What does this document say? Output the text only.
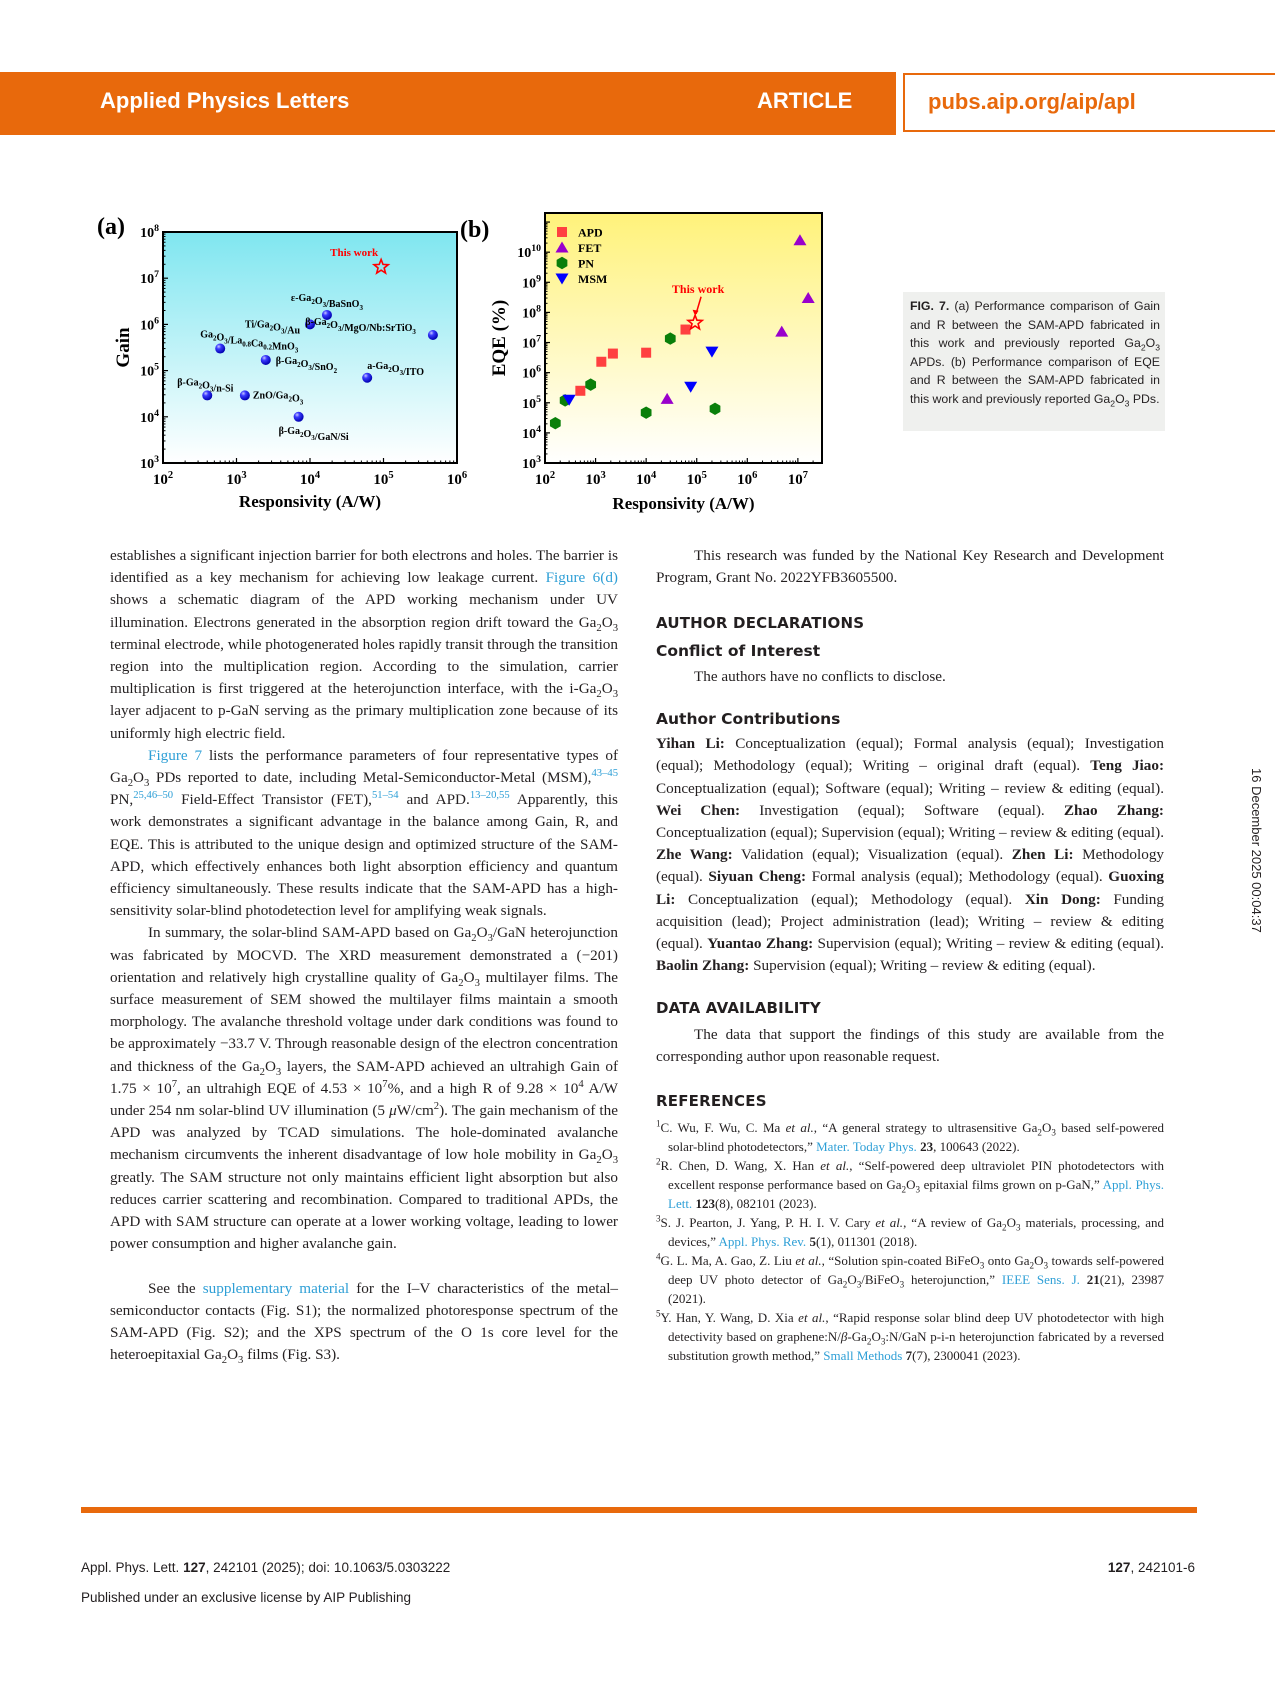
Applied Physics Letters	ARTICLE	pubs.aip.org/aip/apl
$10^2$	$10^3$	$10^4$	$10^5$	$10^6$
$10^3$
$10^4$
$10^5$
$10^6$
$10^7$
$10^8$
Responsivity (A/W)
Gain
(a)
This work
$\varepsilon-Ga_2O_3/BaSnO_3$
$Ti/Ga_2O_3/Au$
$\beta-Ga_2O_3/MgO/Nb:SrTiO_3$
$Ga_2O_3/La_{0.8}Ca_{0.2}MnO_3$
$\beta-Ga_2O_3/SnO_2$	$a-Ga_2O_3$/ITO
$\beta-Ga_2O_3/n-Si$
ZnO/$Ga_2O_3$
$\beta-Ga_2O_3/GaN/Si$
$10^2$ $10^3$ $10^4$ $10^5$ $10^6$ $10^7$
$10^3$
$10^4$
$10^5$
$10^6$
$10^7$
$10^8$
$10^9$
$10^{10}$
Responsivity (A/W)
EQE (%)
(b)	APD
FET
PN
MSM
This work
FIG. 7. (a) Performance comparison of Gain and R between the SAM-APD fabricated in this work and previously reported $Ga_2O_3$ APDs. (b) Performance comparison of EQE and R between the SAM-APD fabricated in this work and previously reported $Ga_2O_3$ PDs.

establishes a significant injection barrier for both electrons and holes. The barrier is identified as a key mechanism for achieving low leakage current. Figure 6(d) shows a schematic diagram of the APD working mechanism under UV illumination. Electrons generated in the absorption region drift toward the $Ga_2O_3$ terminal electrode, while photogenerated holes rapidly transit through the transition region into the multiplication region. According to the simulation, carrier multiplication is first triggered at the heterojunction interface, with the $i-Ga_2O_3$ layer adjacent to p-GaN serving as the primary multiplication zone because of its uniformly high electric field.

Figure 7 lists the performance parameters of four representative types of $Ga_2O_3$ PDs reported to date, including Metal-Semiconductor-Metal (MSM),$^{43-45}$ PN,$^{25,46-50}$ Field-Effect Transistor (FET),$^{51-54}$ and APD.$^{13-20,55}$ Apparently, this work demonstrates a significant advantage in the balance among Gain, R, and EQE. This is attributed to the unique design and optimized structure of the SAM-APD, which effectively enhances both light absorption efficiency and quantum efficiency simultaneously. These results indicate that the SAM-APD has a high-sensitivity solar-blind photodetection level for amplifying weak signals.

In summary, the solar-blind SAM-APD based on $Ga_2O_3$/GaN heterojunction was fabricated by MOCVD. The XRD measurement demonstrated a (−201) orientation and relatively high crystalline quality of $Ga_2O_3$ multilayer films. The surface measurement of SEM showed the multilayer films maintain a smooth morphology. The avalanche threshold voltage under dark conditions was found to be approximately −33.7 V. Through reasonable design of the electron concentration and thickness of the $Ga_2O_3$ layers, the SAM-APD achieved an ultrahigh Gain of $1.75 \times 10^7$, an ultrahigh EQE of $4.53 \times 10^7\%$, and a high R of $9.28 \times 10^4$ A/W under 254 nm solar-blind UV illumination (5 $\mu W/cm^2$). The gain mechanism of the APD was analyzed by TCAD simulations. The hole-dominated avalanche mechanism circumvents the inherent disadvantage of low hole mobility in $Ga_2O_3$ greatly. The SAM structure not only maintains efficient light absorption but also reduces carrier scattering and recombination. Compared to traditional APDs, the APD with SAM structure can operate at a lower working voltage, leading to lower power consumption and higher avalanche gain.

See the supplementary material for the I–V characteristics of the metal–semiconductor contacts (Fig. S1); the normalized photoresponse spectrum of the SAM-APD (Fig. S2); and the XPS spectrum of the O 1s core level for the heteroepitaxial $Ga_2O_3$ films (Fig. S3).

This research was funded by the National Key Research and Development Program, Grant No. 2022YFB3605500.

AUTHOR DECLARATIONS

Conflict of Interest

The authors have no conflicts to disclose.

Author Contributions

Yihan Li: Conceptualization (equal); Formal analysis (equal); Investigation (equal); Methodology (equal); Writing – original draft (equal). Teng Jiao: Conceptualization (equal); Software (equal); Writing – review & editing (equal). Wei Chen: Investigation (equal); Software (equal). Zhao Zhang: Conceptualization (equal); Supervision (equal); Writing – review & editing (equal). Zhe Wang: Validation (equal); Visualization (equal). Zhen Li: Methodology (equal). Siyuan Cheng: Formal analysis (equal); Methodology (equal). Guoxing Li: Conceptualization (equal); Methodology (equal). Xin Dong: Funding acquisition (lead); Project administration (lead); Writing – review & editing (equal). Yuantao Zhang: Supervision (equal); Writing – review & editing (equal). Baolin Zhang: Supervision (equal); Writing – review & editing (equal).

DATA AVAILABILITY

The data that support the findings of this study are available from the corresponding author upon reasonable request.

REFERENCES

$^1$C. Wu, F. Wu, C. Ma et al., “A general strategy to ultrasensitive $Ga_2O_3$ based self-powered solar-blind photodetectors,” Mater. Today Phys. 23, 100643 (2022).

$^2$R. Chen, D. Wang, X. Han et al., “Self-powered deep ultraviolet PIN photodetectors with excellent response performance based on $Ga_2O_3$ epitaxial films grown on p-GaN,” Appl. Phys. Lett. 123(8), 082101 (2023).

$^3$S. J. Pearton, J. Yang, P. H. I. V. Cary et al., “A review of $Ga_2O_3$ materials, processing, and devices,” Appl. Phys. Rev. 5(1), 011301 (2018).

$^4$G. L. Ma, A. Gao, Z. Liu et al., “Solution spin-coated BiFeO$_3$ onto $Ga_2O_3$ towards self-powered deep UV photo detector of $Ga_2O_3/BiFeO_3$ heterojunction,” IEEE Sens. J. 21(21), 23987 (2021).

$^5$Y. Han, Y. Wang, D. Xia et al., “Rapid response solar blind deep UV photodetector with high detectivity based on $graphene:N/\beta-Ga_2O_3:N$/GaN p-i-n heterojunction fabricated by a reversed substitution growth method,” Small Methods 7(7), 2300041 (2023).

16 December 2025 00:04:37
Appl. Phys. Lett. 127, 242101 (2025); doi: 10.1063/5.0303222	127, 242101-6
Published under an exclusive license by AIP Publishing
